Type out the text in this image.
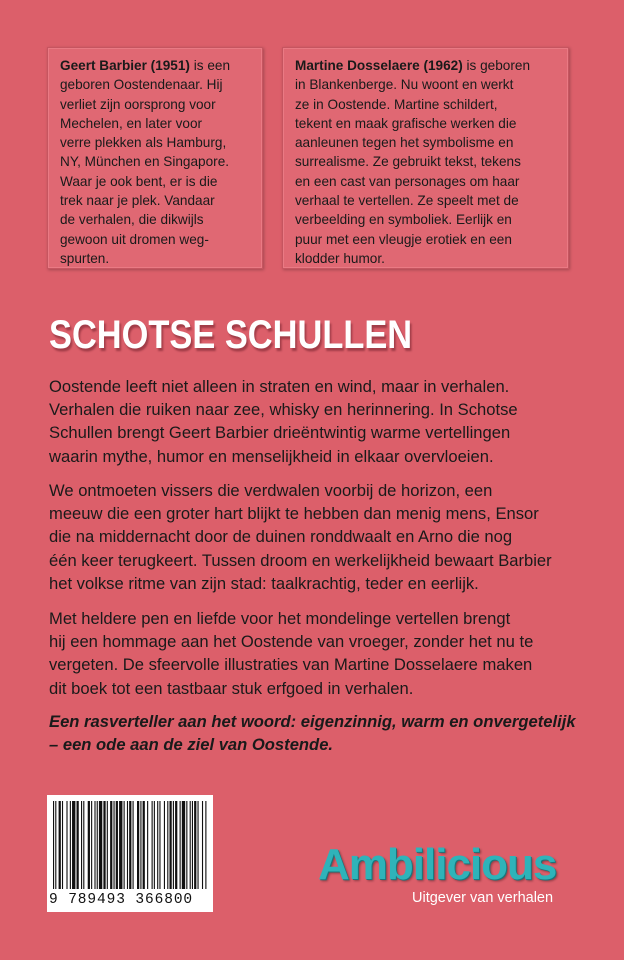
Geert Barbier (1951) is een
geboren Oostendenaar. Hij
verliet zijn oorsprong voor
Mechelen, en later voor
verre plekken als Hamburg,
NY, München en Singapore.
Waar je ook bent, er is die
trek naar je plek. Vandaar
de verhalen, die dikwijls
gewoon uit dromen weg-
spurten.
Martine Dosselaere (1962) is geboren
in Blankenberge. Nu woont en werkt
ze in Oostende. Martine schildert,
tekent en maak grafische werken die
aanleunen tegen het symbolisme en
surrealisme. Ze gebruikt tekst, tekens
en een cast van personages om haar
verhaal te vertellen. Ze speelt met de
verbeelding en symboliek. Eerlijk en
puur met een vleugje erotiek en een
klodder humor.
SCHOTSE SCHULLEN

Oostende leeft niet alleen in straten en wind, maar in verhalen.
Verhalen die ruiken naar zee, whisky en herinnering. In Schotse
Schullen brengt Geert Barbier drieëntwintig warme vertellingen
waarin mythe, humor en menselijkheid in elkaar overvloeien.

We ontmoeten vissers die verdwalen voorbij de horizon, een
meeuw die een groter hart blijkt te hebben dan menig mens, Ensor
die na middernacht door de duinen ronddwaalt en Arno die nog
één keer terugkeert. Tussen droom en werkelijkheid bewaart Barbier
het volkse ritme van zijn stad: taalkrachtig, teder en eerlijk.

Met heldere pen en liefde voor het mondelinge vertellen brengt
hij een hommage aan het Oostende van vroeger, zonder het nu te
vergeten. De sfeervolle illustraties van Martine Dosselaere maken
dit boek tot een tastbaar stuk erfgoed in verhalen.

Een rasverteller aan het woord: eigenzinnig, warm en onvergetelijk
– een ode aan de ziel van Oostende.

9 789493 366800
Ambilicious
Uitgever van verhalen
